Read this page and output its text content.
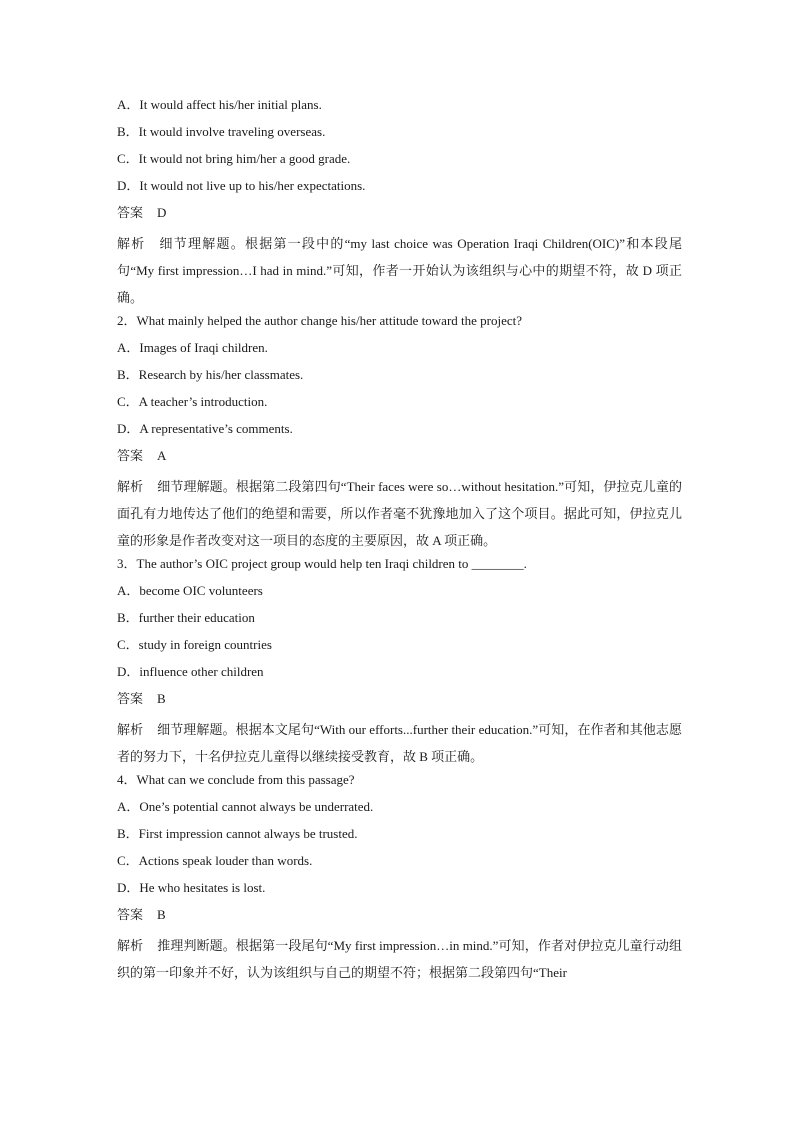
A．It would affect his/her initial plans.
B．It would involve traveling overseas.
C．It would not bring him/her a good grade.
D．It would not live up to his/her expectations.
答案 D
解析 细节理解题。根据第一段中的“my last choice was Operation Iraqi Children(OIC)”和本段尾句“My first impression…I had in mind.”可知，作者一开始认为该组织与心中的期望不符，故 D 项正确。
2．What mainly helped the author change his/her attitude toward the project?
A．Images of Iraqi children.
B．Research by his/her classmates.
C．A teacher’s introduction.
D．A representative’s comments.
答案 A
解析 细节理解题。根据第二段第四句“Their faces were so…without hesitation.”可知，伊拉克儿童的面孔有力地传达了他们的绝望和需要，所以作者毫不犹豫地加入了这个项目。据此可知，伊拉克儿童的形象是作者改变对这一项目的态度的主要原因，故 A 项正确。
3．The author’s OIC project group would help ten Iraqi children to ________.
A．become OIC volunteers
B．further their education
C．study in foreign countries
D．influence other children
答案 B
解析 细节理解题。根据本文尾句“With our efforts...further their education.”可知，在作者和其他志愿者的努力下，十名伊拉克儿童得以继续接受教育，故 B 项正确。
4．What can we conclude from this passage?
A．One’s potential cannot always be underrated.
B．First impression cannot always be trusted.
C．Actions speak louder than words.
D．He who hesitates is lost.
答案 B
解析 推理判断题。根据第一段尾句“My first impression…in mind.”可知，作者对伊拉克儿童行动组织的第一印象并不好，认为该组织与自己的期望不符；根据第二段第四句“Their
